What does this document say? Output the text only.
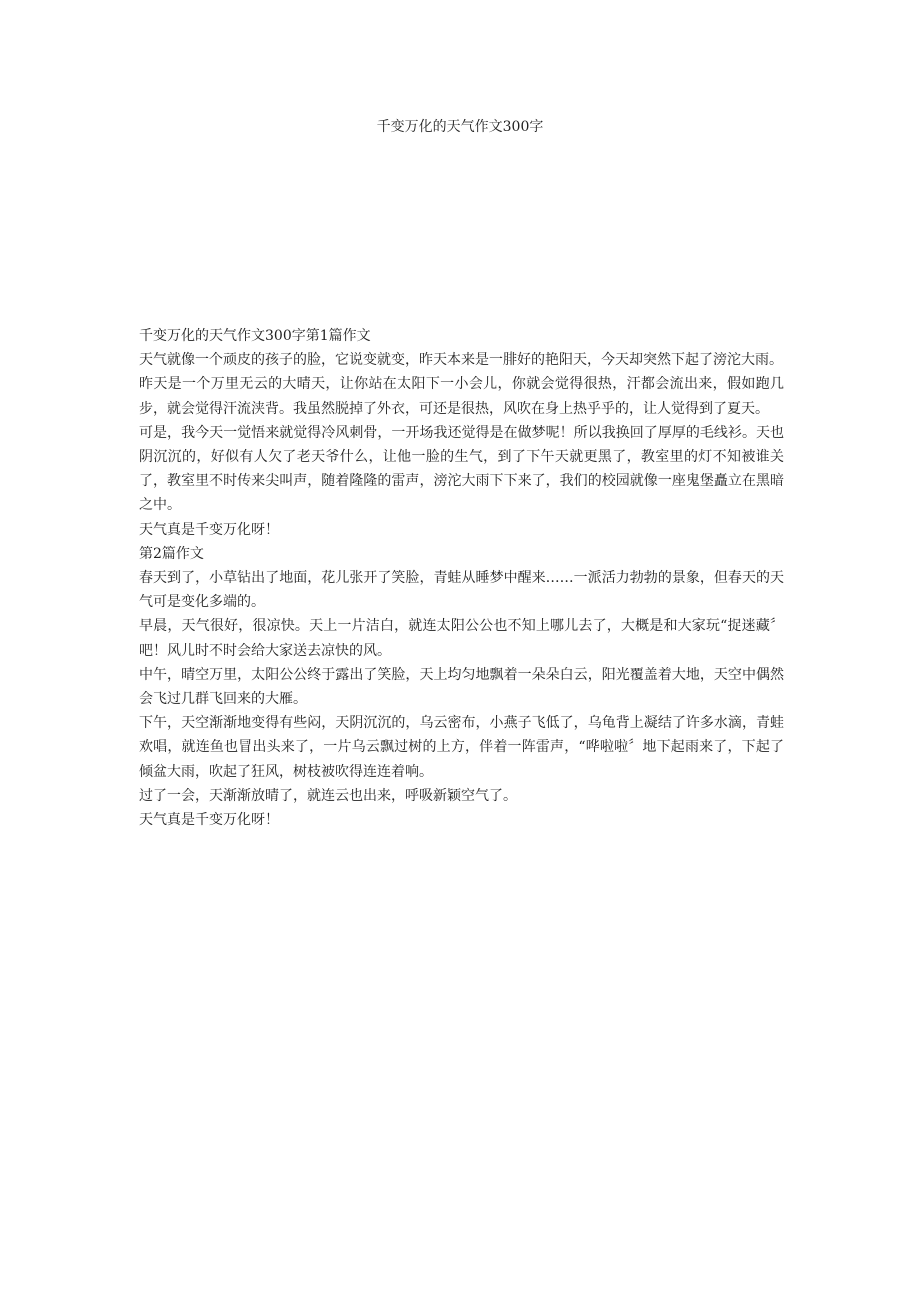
千变万化的天气作文300字

千变万化的天气作文300字第1篇作文

天气就像一个顽皮的孩子的脸，它说变就变，昨天本来是一腓好的艳阳天，今天却突然下起了滂沱大雨。

昨天是一个万里无云的大晴天，让你站在太阳下一小会儿，你就会觉得很热，汗都会流出来，假如跑几步，就会觉得汗流浃背。我虽然脱掉了外衣，可还是很热，风吹在身上热乎乎的，让人觉得到了夏天。

可是，我今天一觉悟来就觉得冷风刺骨，一开场我还觉得是在做梦呢！所以我换回了厚厚的毛线衫。天也阴沉沉的，好似有人欠了老天爷什么，让他一脸的生气，到了下午天就更黑了，教室里的灯不知被谁关了，教室里不时传来尖叫声，随着隆隆的雷声，滂沱大雨下下来了，我们的校园就像一座鬼堡矗立在黑暗之中。

天气真是千变万化呀！

第2篇作文

春天到了，小草钻出了地面，花儿张开了笑脸，青蛙从睡梦中醒来……一派活力勃勃的景象，但春天的天气可是变化多端的。

早晨，天气很好，很凉快。天上一片洁白，就连太阳公公也不知上哪儿去了，大概是和大家玩“捉迷藏〞吧！风儿时不时会给大家送去凉快的风。

中午，晴空万里，太阳公公终于露出了笑脸，天上均匀地飘着一朵朵白云，阳光覆盖着大地，天空中偶然会飞过几群飞回来的大雁。

下午，天空渐渐地变得有些闷，天阴沉沉的，乌云密布，小燕子飞低了，乌龟背上凝结了许多水滴，青蛙欢唱，就连鱼也冒出头来了，一片乌云飘过树的上方，伴着一阵雷声，“哗啦啦〞地下起雨来了，下起了倾盆大雨，吹起了狂风，树枝被吹得连连着响。

过了一会，天渐渐放晴了，就连云也出来，呼吸新颖空气了。

天气真是千变万化呀！
